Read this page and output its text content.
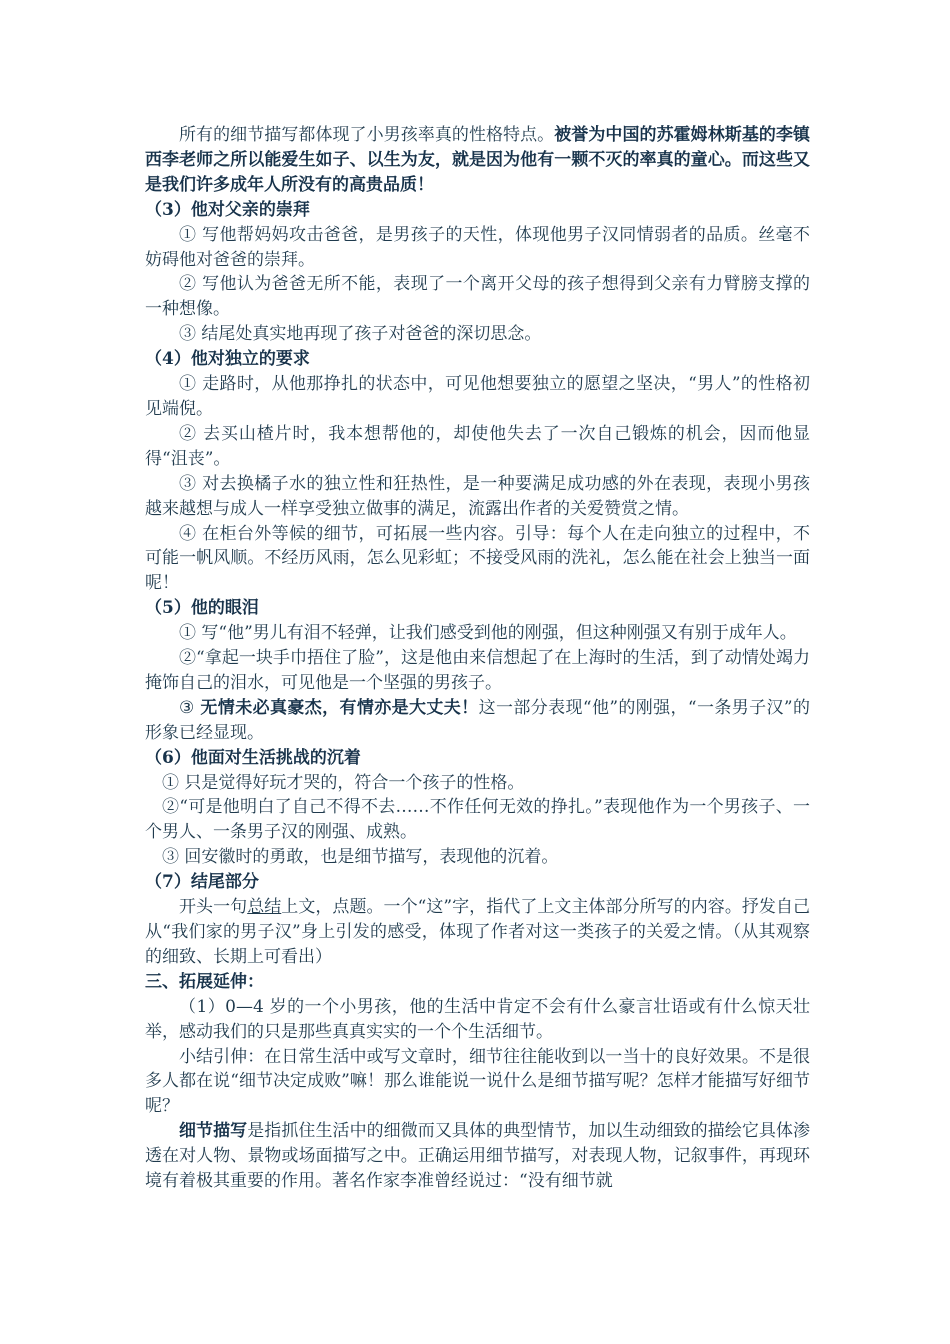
所有的细节描写都体现了小男孩率真的性格特点。被誉为中国的苏霍姆林斯基的李镇西李老师之所以能爱生如子、以生为友，就是因为他有一颗不灭的率真的童心。而这些又是我们许多成年人所没有的高贵品质！

（3）他对父亲的崇拜

① 写他帮妈妈攻击爸爸，是男孩子的天性，体现他男子汉同情弱者的品质。丝毫不妨碍他对爸爸的崇拜。

② 写他认为爸爸无所不能，表现了一个离开父母的孩子想得到父亲有力臂膀支撑的一种想像。

③ 结尾处真实地再现了孩子对爸爸的深切思念。

（4）他对独立的要求

① 走路时，从他那挣扎的状态中，可见他想要独立的愿望之坚决，“男人”的性格初见端倪。

② 去买山楂片时，我本想帮他的，却使他失去了一次自己锻炼的机会，因而他显得“沮丧”。

③ 对去换橘子水的独立性和狂热性，是一种要满足成功感的外在表现，表现小男孩越来越想与成人一样享受独立做事的满足，流露出作者的关爱赞赏之情。

④ 在柜台外等候的细节，可拓展一些内容。引导：每个人在走向独立的过程中，不可能一帆风顺。不经历风雨，怎么见彩虹；不接受风雨的洗礼，怎么能在社会上独当一面呢！

（5）他的眼泪

① 写“他”男儿有泪不轻弹，让我们感受到他的刚强，但这种刚强又有别于成年人。

②“拿起一块手巾捂住了脸”，这是他由来信想起了在上海时的生活，到了动情处竭力掩饰自己的泪水，可见他是一个坚强的男孩子。

③ 无情未必真豪杰，有情亦是大丈夫！这一部分表现“他”的刚强，“一条男子汉”的形象已经显现。

（6）他面对生活挑战的沉着

① 只是觉得好玩才哭的，符合一个孩子的性格。

②“可是他明白了自己不得不去……不作任何无效的挣扎。”表现他作为一个男孩子、一个男人、一条男子汉的刚强、成熟。

③ 回安徽时的勇敢，也是细节描写，表现他的沉着。

（7）结尾部分

开头一句总结上文，点题。一个“这”字，指代了上文主体部分所写的内容。抒发自己从“我们家的男子汉”身上引发的感受，体现了作者对这一类孩子的关爱之情。（从其观察的细致、长期上可看出）

三、拓展延伸：

（1）0—4 岁的一个小男孩，他的生活中肯定不会有什么豪言壮语或有什么惊天壮举，感动我们的只是那些真真实实的一个个生活细节。

小结引伸：在日常生活中或写文章时，细节往往能收到以一当十的良好效果。不是很多人都在说“细节决定成败”嘛！那么谁能说一说什么是细节描写呢？怎样才能描写好细节呢？

细节描写是指抓住生活中的细微而又具体的典型情节，加以生动细致的描绘它具体渗透在对人物、景物或场面描写之中。正确运用细节描写，对表现人物，记叙事件，再现环境有着极其重要的作用。著名作家李准曾经说过：“没有细节就
